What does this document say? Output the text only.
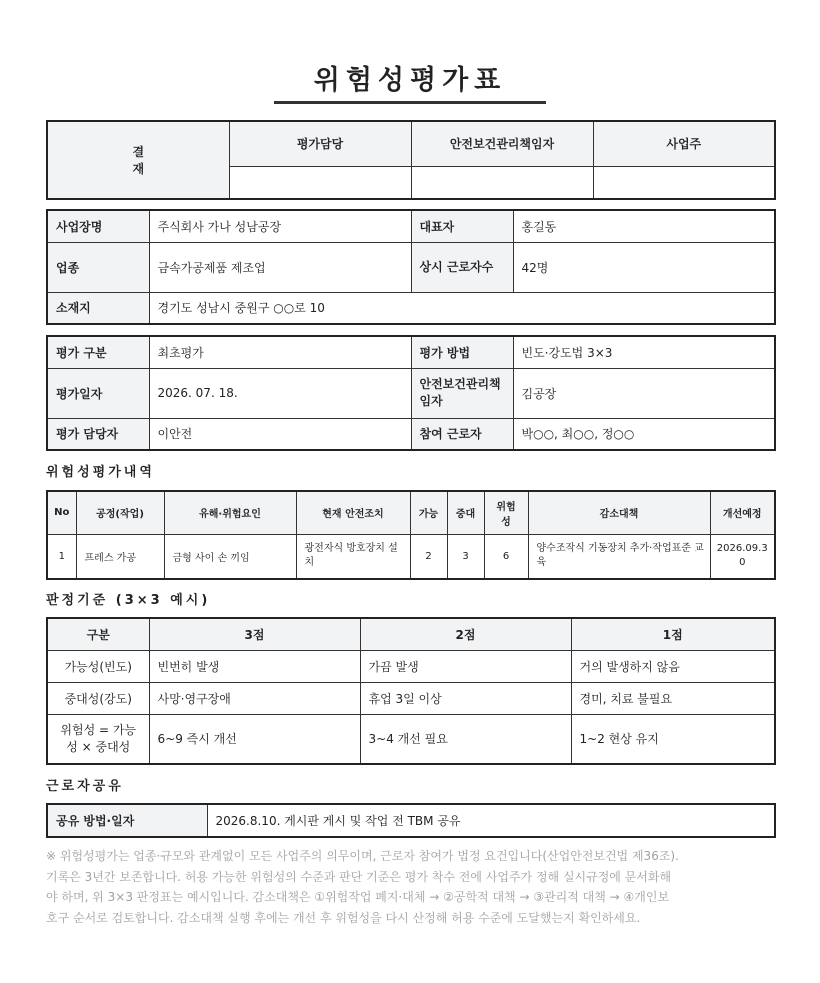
위험성평가표
결
재	평가담당	안전보건관리책임자	사업주

사업장명	주식회사 가나 성남공장	대표자	홍길동
업종	금속가공제품 제조업	상시 근로자수	42명
소재지	경기도 성남시 중원구 ○○로 10		
평가 구분	최초평가	평가 방법	빈도·강도법 3×3
평가일자	2026. 07. 18.	안전보건관리책임자	김공장
평가 담당자	이안전	참여 근로자	박○○, 최○○, 정○○
위험성평가내역
No	공정(작업)	유해·위험요인	현재 안전조치	가능	중대	위험성	감소대책	개선예정
1	프레스 가공	금형 사이 손 끼임	광전자식 방호장치 설치	2	3	6	양수조작식 기동장치 추가·작업표준 교육	2026.09.30
판정기준 (3×3 예시)
구분	3점	2점	1점
가능성(빈도)	빈번히 발생	가끔 발생	거의 발생하지 않음
중대성(강도)	사망·영구장애	휴업 3일 이상	경미, 치료 불필요
위험성 = 가능성 × 중대성	6~9 즉시 개선	3~4 개선 필요	1~2 현상 유지
근로자공유
공유 방법·일자	2026.8.10. 게시판 게시 및 작업 전 TBM 공유
※ 위험성평가는 업종·규모와 관계없이 모든 사업주의 의무이며, 근로자 참여가 법정 요건입니다(산업안전보건법 제36조).
기록은 3년간 보존합니다. 허용 가능한 위험성의 수준과 판단 기준은 평가 착수 전에 사업주가 정해 실시규정에 문서화해
야 하며, 위 3×3 판정표는 예시입니다. 감소대책은 ①위험작업 폐지·대체 → ②공학적 대책 → ③관리적 대책 → ④개인보
호구 순서로 검토합니다. 감소대책 실행 후에는 개선 후 위험성을 다시 산정해 허용 수준에 도달했는지 확인하세요.
